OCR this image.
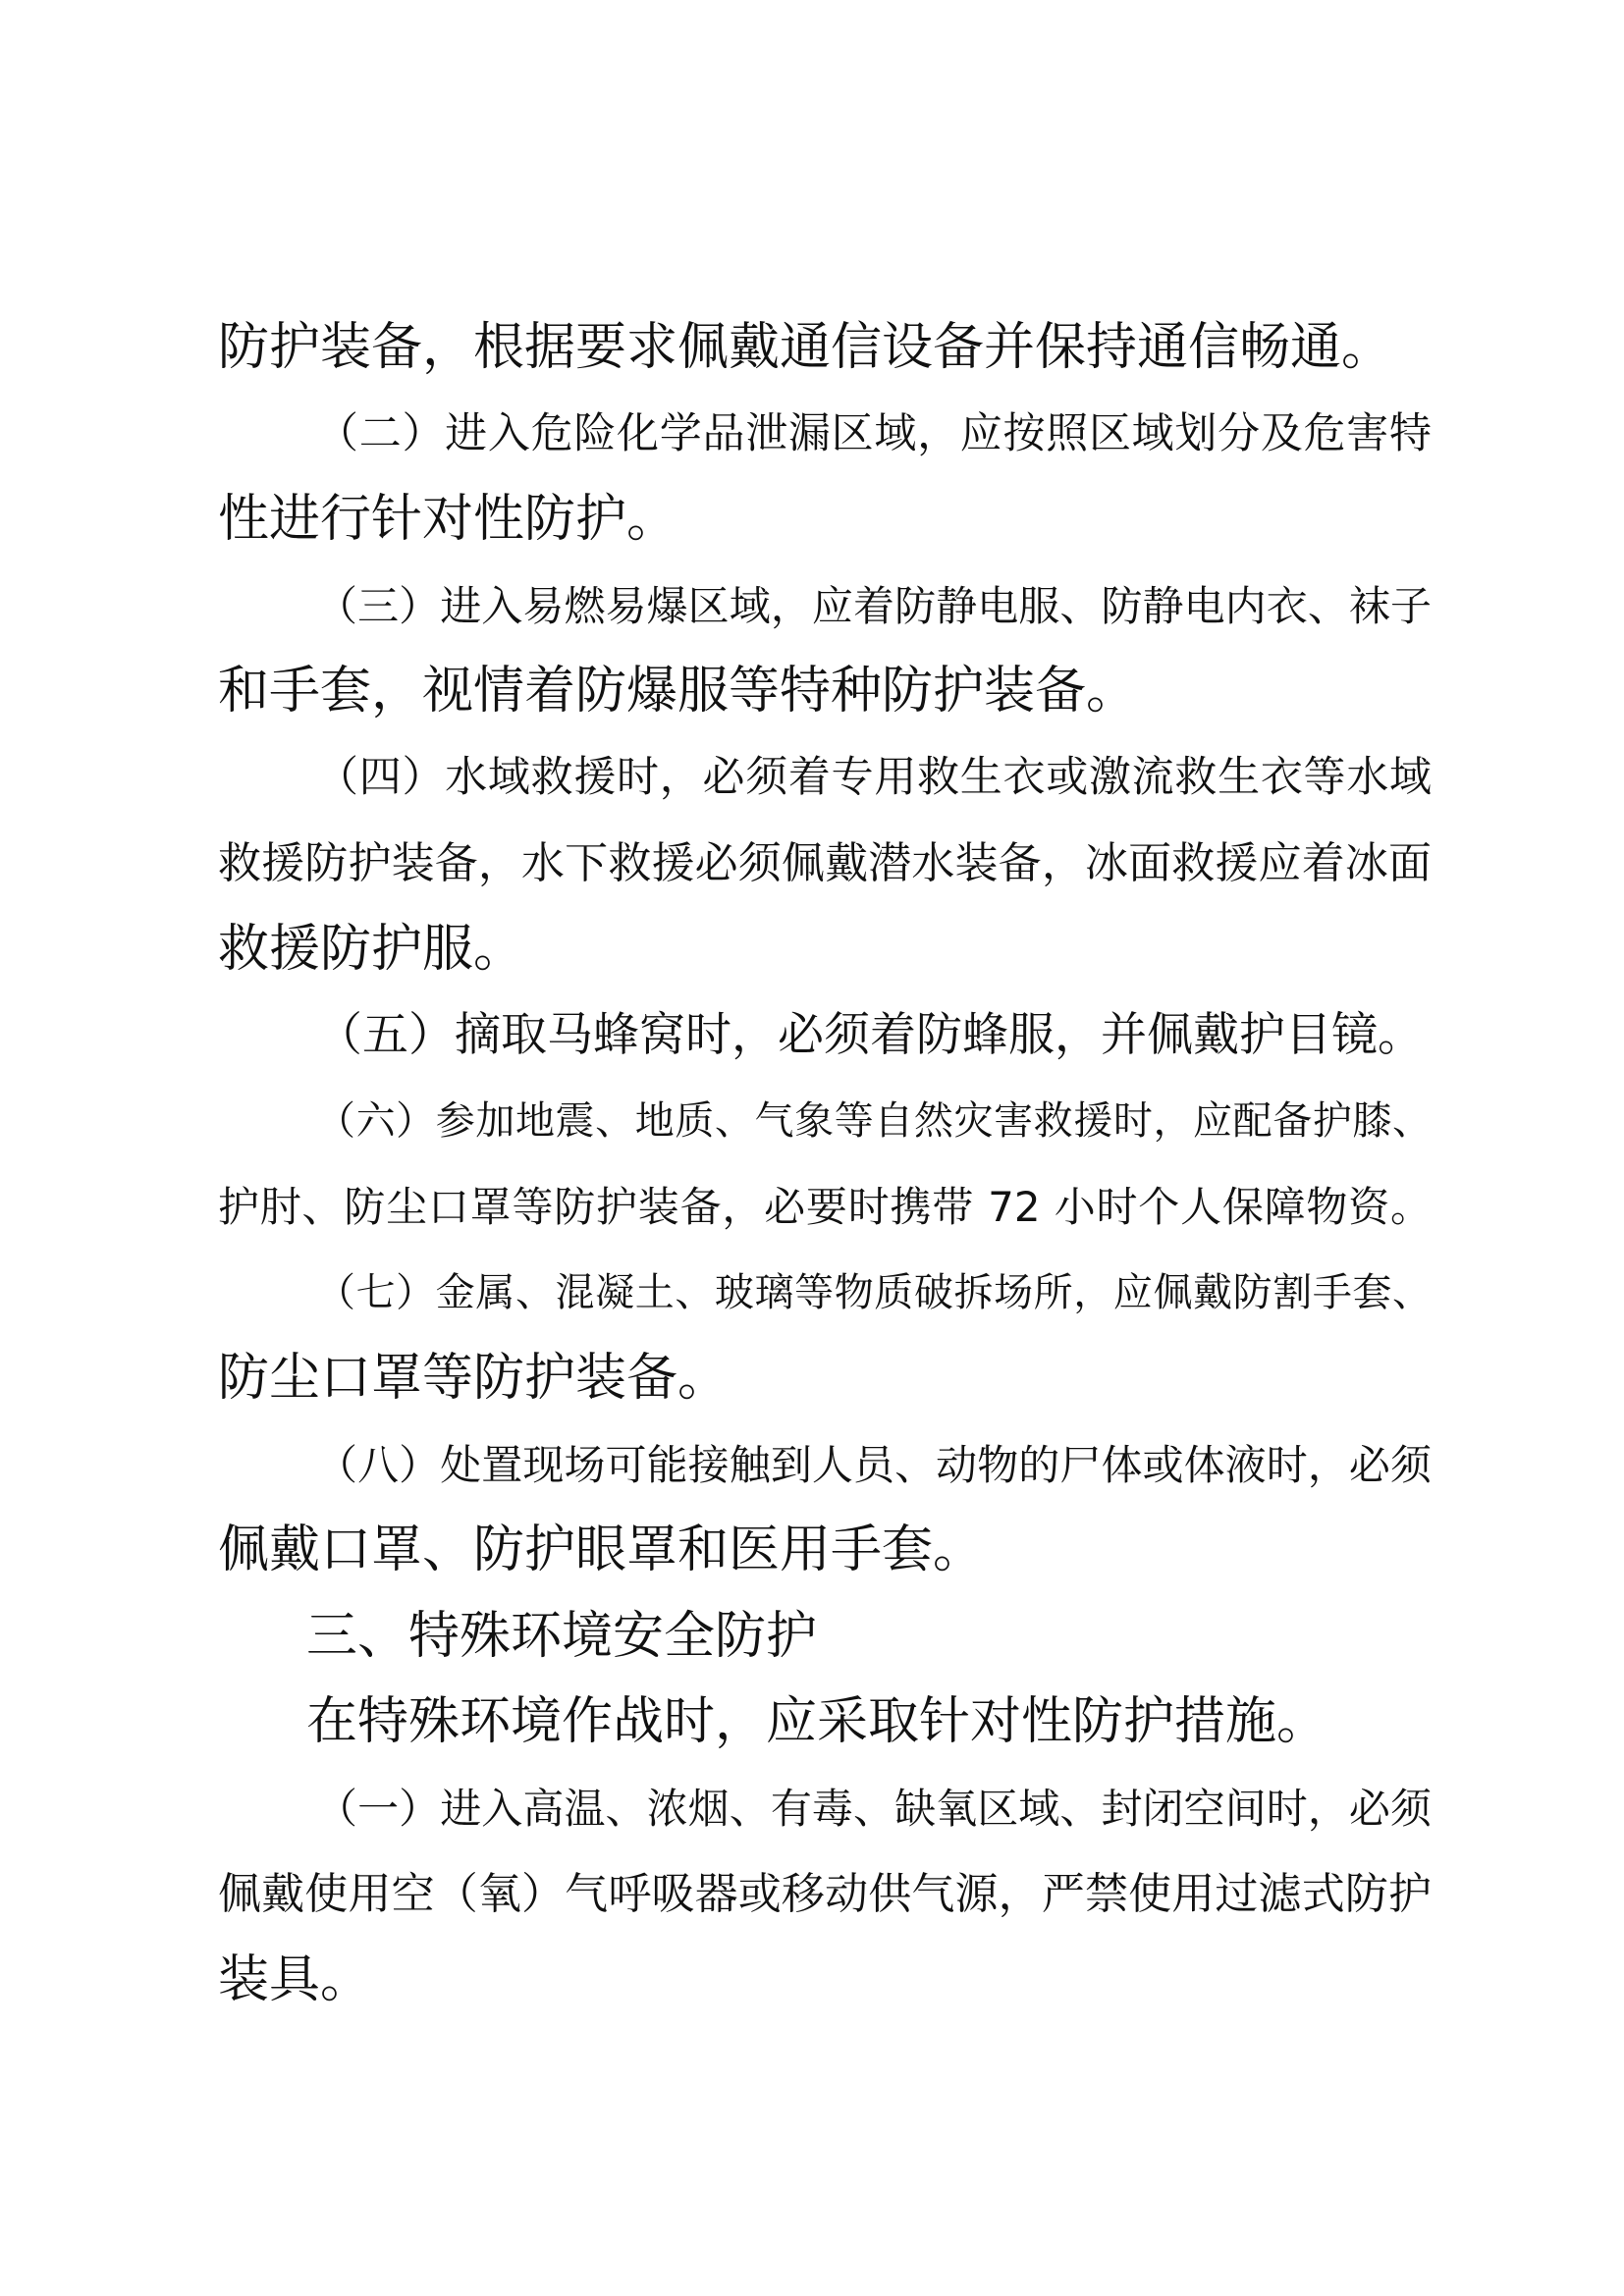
防护装备，根据要求佩戴通信设备并保持通信畅通。
（二）进入危险化学品泄漏区域，应按照区域划分及危害特
性进行针对性防护。
（三）进入易燃易爆区域，应着防静电服、防静电内衣、袜子
和手套，视情着防爆服等特种防护装备。
（四）水域救援时，必须着专用救生衣或激流救生衣等水域
救援防护装备，水下救援必须佩戴潜水装备，冰面救援应着冰面
救援防护服。
（五）摘取马蜂窝时，必须着防蜂服，并佩戴护目镜。
（六）参加地震、地质、气象等自然灾害救援时，应配备护膝、
护肘、防尘口罩等防护装备，必要时携带 72 小时个人保障物资。
（七）金属、混凝土、玻璃等物质破拆场所，应佩戴防割手套、
防尘口罩等防护装备。
（八）处置现场可能接触到人员、动物的尸体或体液时，必须
佩戴口罩、防护眼罩和医用手套。
三、特殊环境安全防护
在特殊环境作战时，应采取针对性防护措施。
（一）进入高温、浓烟、有毒、缺氧区域、封闭空间时，必须
佩戴使用空（氧）气呼吸器或移动供气源，严禁使用过滤式防护
装具。
